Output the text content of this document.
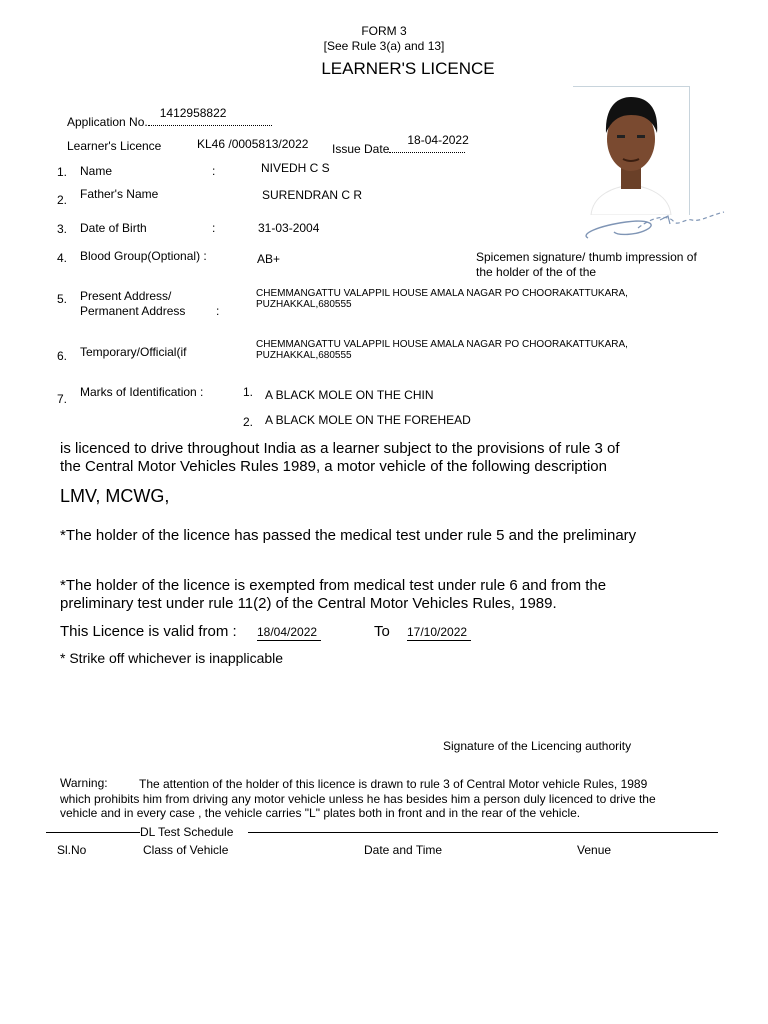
FORM 3
[See Rule 3(a) and 13]
LEARNER'S LICENCE
Application No.
1412958822
Learner's Licence	KL46 /0005813/2022 Issue Date
18-04-2022
1. Name	:	NIVEDH C S
2. Father's Name	SURENDRAN C R
3. Date of Birth	:	31-03-2004
4. Blood Group(Optional) :	AB+	Spicemen signature/ thumb impression of
the holder of the of the
5. Present Address/
Permanent Address	:
CHEMMANGATTU VALAPPIL HOUSE AMALA NAGAR PO CHOORAKATTUKARA,
PUZHAKKAL,680555
6. Temporary/Official(if
CHEMMANGATTU VALAPPIL HOUSE AMALA NAGAR PO CHOORAKATTUKARA,
PUZHAKKAL,680555
7. Marks of Identification :	1. A BLACK MOLE ON THE CHIN
2. A BLACK MOLE ON THE FOREHEAD
is licenced to drive throughout India as a learner subject to the provisions of rule 3 of
the Central Motor Vehicles Rules 1989, a motor vehicle of the following description
LMV, MCWG,
*The holder of the licence has passed the medical test under rule 5 and the preliminary
*The holder of the licence is exempted from medical test under rule 6 and from the
preliminary test under rule 11(2) of the Central Motor Vehicles Rules, 1989.
This Licence is valid from : 18/04/2022	To 17/10/2022
* Strike off whichever is inapplicable
Signature of the Licencing authority
Warning:	The attention of the holder of this licence is drawn to rule 3 of Central Motor vehicle Rules, 1989
which prohibits him from driving any motor vehicle unless he has besides him a person duly licenced to drive the
vehicle and in every case , the vehicle carries "L" plates both in front and in the rear of the vehicle.
DL Test Schedule
Sl.No	Class of Vehicle	Date and Time	Venue
